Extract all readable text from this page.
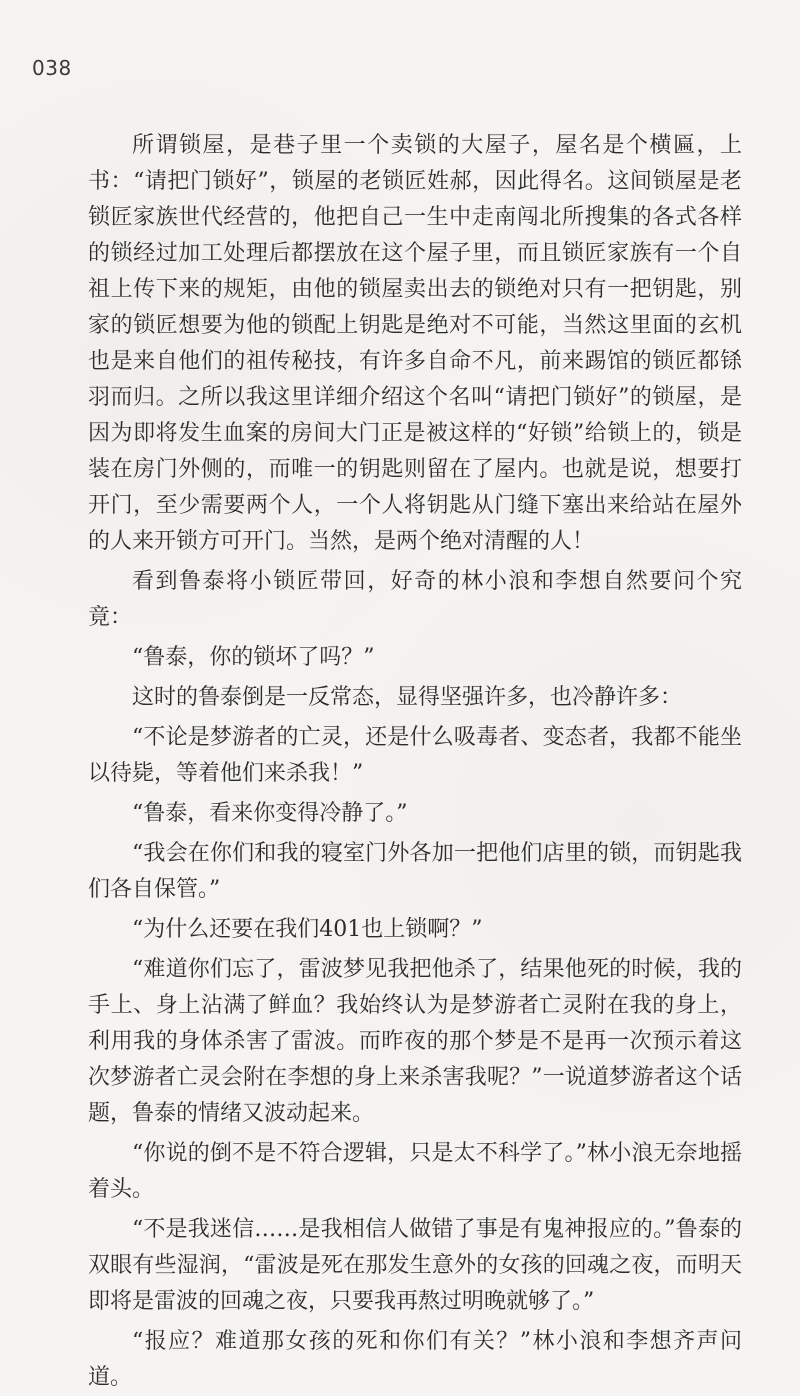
038

所谓锁屋，是巷子里一个卖锁的大屋子，屋名是个横匾，上书：“请把门锁好”，锁屋的老锁匠姓郝，因此得名。这间锁屋是老锁匠家族世代经营的，他把自己一生中走南闯北所搜集的各式各样的锁经过加工处理后都摆放在这个屋子里，而且锁匠家族有一个自祖上传下来的规矩，由他的锁屋卖出去的锁绝对只有一把钥匙，别家的锁匠想要为他的锁配上钥匙是绝对不可能，当然这里面的玄机也是来自他们的祖传秘技，有许多自命不凡，前来踢馆的锁匠都铩羽而归。之所以我这里详细介绍这个名叫“请把门锁好”的锁屋，是因为即将发生血案的房间大门正是被这样的“好锁”给锁上的，锁是装在房门外侧的，而唯一的钥匙则留在了屋内。也就是说，想要打开门，至少需要两个人，一个人将钥匙从门缝下塞出来给站在屋外的人来开锁方可开门。当然，是两个绝对清醒的人！

看到鲁泰将小锁匠带回，好奇的林小浪和李想自然要问个究竟：

“鲁泰，你的锁坏了吗？”

这时的鲁泰倒是一反常态，显得坚强许多，也冷静许多：

“不论是梦游者的亡灵，还是什么吸毒者、变态者，我都不能坐以待毙，等着他们来杀我！”

“鲁泰，看来你变得冷静了。”

“我会在你们和我的寝室门外各加一把他们店里的锁，而钥匙我们各自保管。”

“为什么还要在我们401也上锁啊？”

“难道你们忘了，雷波梦见我把他杀了，结果他死的时候，我的手上、身上沾满了鲜血？我始终认为是梦游者亡灵附在我的身上，利用我的身体杀害了雷波。而昨夜的那个梦是不是再一次预示着这次梦游者亡灵会附在李想的身上来杀害我呢？”一说道梦游者这个话题，鲁泰的情绪又波动起来。

“你说的倒不是不符合逻辑，只是太不科学了。”林小浪无奈地摇着头。

“不是我迷信……是我相信人做错了事是有鬼神报应的。”鲁泰的双眼有些湿润，“雷波是死在那发生意外的女孩的回魂之夜，而明天即将是雷波的回魂之夜，只要我再熬过明晚就够了。”

“报应？难道那女孩的死和你们有关？”林小浪和李想齐声问道。
